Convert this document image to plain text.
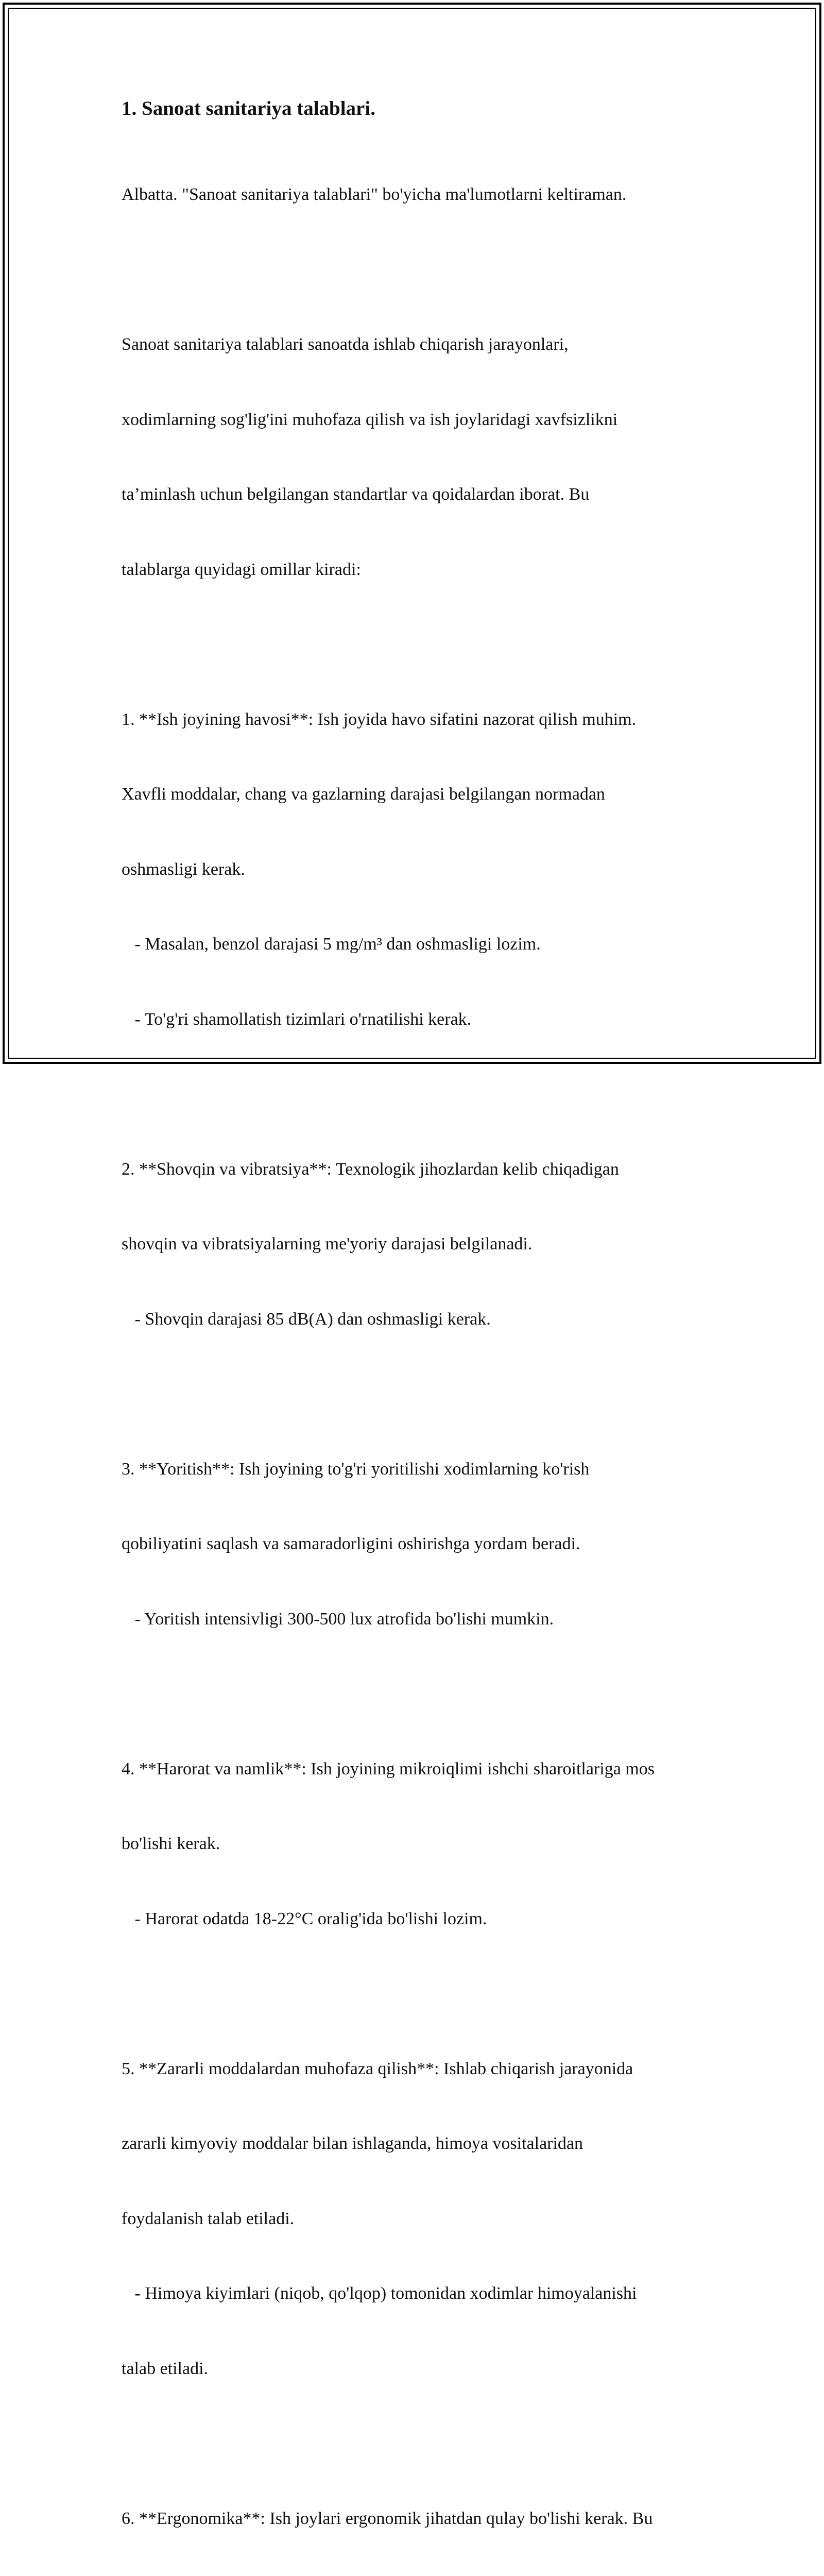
1. Sanoat sanitariya talablari.

Albatta. "Sanoat sanitariya talablari" bo'yicha ma'lumotlarni keltiraman.

Sanoat sanitariya talablari sanoatda ishlab chiqarish jarayonlari,

xodimlarning sog'lig'ini muhofaza qilish va ish joylaridagi xavfsizlikni

ta’minlash uchun belgilangan standartlar va qoidalardan iborat. Bu

talablarga quyidagi omillar kiradi:

1. **Ish joyining havosi**: Ish joyida havo sifatini nazorat qilish muhim.

Xavfli moddalar, chang va gazlarning darajasi belgilangan normadan

oshmasligi kerak.

- Masalan, benzol darajasi 5 mg/m³ dan oshmasligi lozim.

- To'g'ri shamollatish tizimlari o'rnatilishi kerak.

2. **Shovqin va vibratsiya**: Texnologik jihozlardan kelib chiqadigan

shovqin va vibratsiyalarning me'yoriy darajasi belgilanadi.

- Shovqin darajasi 85 dB(A) dan oshmasligi kerak.

3. **Yoritish**: Ish joyining to'g'ri yoritilishi xodimlarning ko'rish

qobiliyatini saqlash va samaradorligini oshirishga yordam beradi.

- Yoritish intensivligi 300-500 lux atrofida bo'lishi mumkin.

4. **Harorat va namlik**: Ish joyining mikroiqlimi ishchi sharoitlariga mos

bo'lishi kerak.

- Harorat odatda 18-22°C oralig'ida bo'lishi lozim.

5. **Zararli moddalardan muhofaza qilish**: Ishlab chiqarish jarayonida

zararli kimyoviy moddalar bilan ishlaganda, himoya vositalaridan

foydalanish talab etiladi.

- Himoya kiyimlari (niqob, qo'lqop) tomonidan xodimlar himoyalanishi

talab etiladi.

6. **Ergonomika**: Ish joylari ergonomik jihatdan qulay bo'lishi kerak. Bu
